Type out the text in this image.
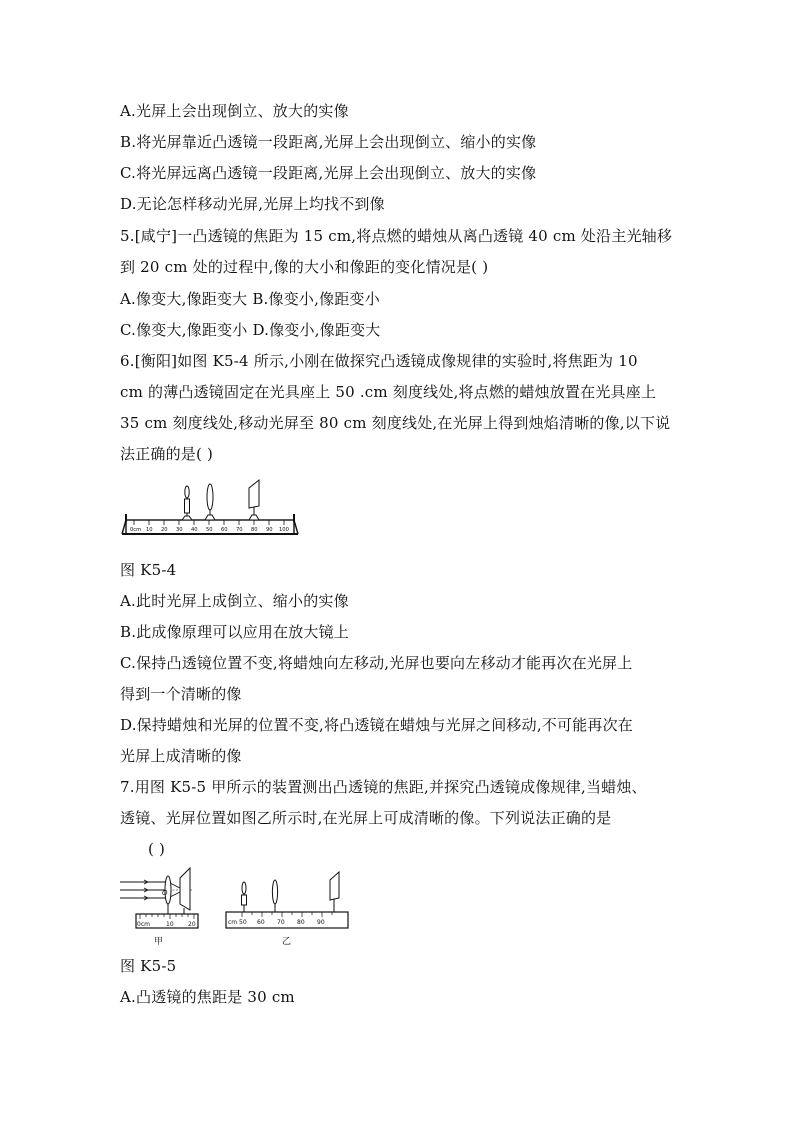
A.光屏上会出现倒立、放大的实像
B.将光屏靠近凸透镜一段距离,光屏上会出现倒立、缩小的实像
C.将光屏远离凸透镜一段距离,光屏上会出现倒立、放大的实像
D.无论怎样移动光屏,光屏上均找不到像
5.[咸宁]一凸透镜的焦距为 15 cm,将点燃的蜡烛从离凸透镜 40 cm 处沿主光轴移
到 20 cm 处的过程中,像的大小和像距的变化情况是( )
A.像变大,像距变大 B.像变小,像距变小
C.像变大,像距变小 D.像变小,像距变大
6.[衡阳]如图 K5-4 所示,小刚在做探究凸透镜成像规律的实验时,将焦距为 10
cm 的薄凸透镜固定在光具座上 50 .cm 刻度线处,将点燃的蜡烛放置在光具座上
35 cm 刻度线处,移动光屏至 80 cm 刻度线处,在光屏上得到烛焰清晰的像,以下说
法正确的是( )
0cm 10 20 30 40 50 60 70 80 90 100
图 K5-4
A.此时光屏上成倒立、缩小的实像
B.此成像原理可以应用在放大镜上
C.保持凸透镜位置不变,将蜡烛向左移动,光屏也要向左移动才能再次在光屏上
得到一个清晰的像
D.保持蜡烛和光屏的位置不变,将凸透镜在蜡烛与光屏之间移动,不可能再次在
光屏上成清晰的像
7.用图 K5-5 甲所示的装置测出凸透镜的焦距,并探究凸透镜成像规律,当蜡烛、
透镜、光屏位置如图乙所示时,在光屏上可成清晰的像。下列说法正确的是
( )
O
0cm	10 20
甲
cm 50 60 70 80 90
乙
图 K5-5
A.凸透镜的焦距是 30 cm
